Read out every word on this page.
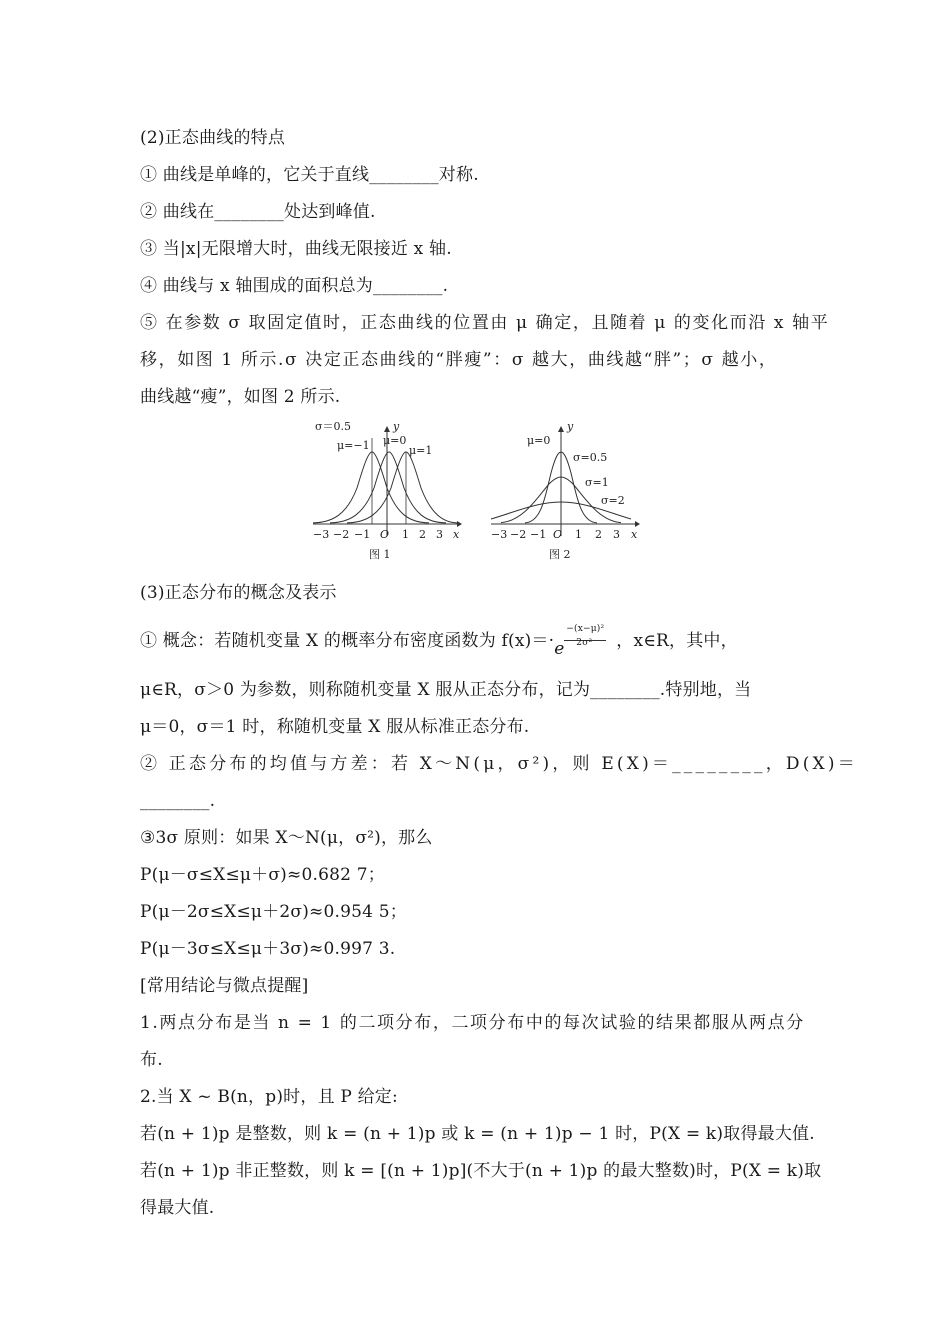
(2)正态曲线的特点
① 曲线是单峰的，它关于直线________对称.
② 曲线在________处达到峰值.
③ 当|x|无限增大时，曲线无限接近 x 轴.
④ 曲线与 x 轴围成的面积总为________.
⑤ 在参数 σ 取固定值时，正态曲线的位置由 μ 确定，且随着 μ 的变化而沿 x 轴平
移，如图 1 所示.σ 决定正态曲线的“胖瘦”：σ 越大，曲线越“胖”；σ 越小，
曲线越“瘦”，如图 2 所示.
σ＝0.5	y
μ=−1 μ=0
μ=1
−3 −2 −1 O 1 2 3 x
图 1
μ=0
y
σ=0.5
σ=1
σ=2
−3 −2 −1 O 1 2 3 x
图 2
(3)正态分布的概念及表示
① 概念：若随机变量 X 的概率分布密度函数为 f(x)＝· e
−(x−μ)²
2σ² ，x∈R，其中，
μ∈R，σ＞0 为参数，则称随机变量 X 服从正态分布，记为________.特别地，当
μ＝0，σ＝1 时，称随机变量 X 服从标准正态分布.
② 正态分布的均值与方差：若 X～N(μ，σ²)，则 E(X)＝________，D(X)＝
________.
③3σ 原则：如果 X～N(μ，σ²)，那么
P(μ－σ≤X≤μ＋σ)≈0.682 7；
P(μ－2σ≤X≤μ＋2σ)≈0.954 5；
P(μ－3σ≤X≤μ＋3σ)≈0.997 3.
[常用结论与微点提醒]
1.两点分布是当 n = 1 的二项分布，二项分布中的每次试验的结果都服从两点分
布.
2.当 X ~ B(n，p)时，且 P 给定:
若(n + 1)p 是整数，则 k = (n + 1)p 或 k = (n + 1)p − 1 时，P(X = k)取得最大值.
若(n + 1)p 非正整数，则 k = [(n + 1)p](不大于(n + 1)p 的最大整数)时，P(X = k)取
得最大值.
